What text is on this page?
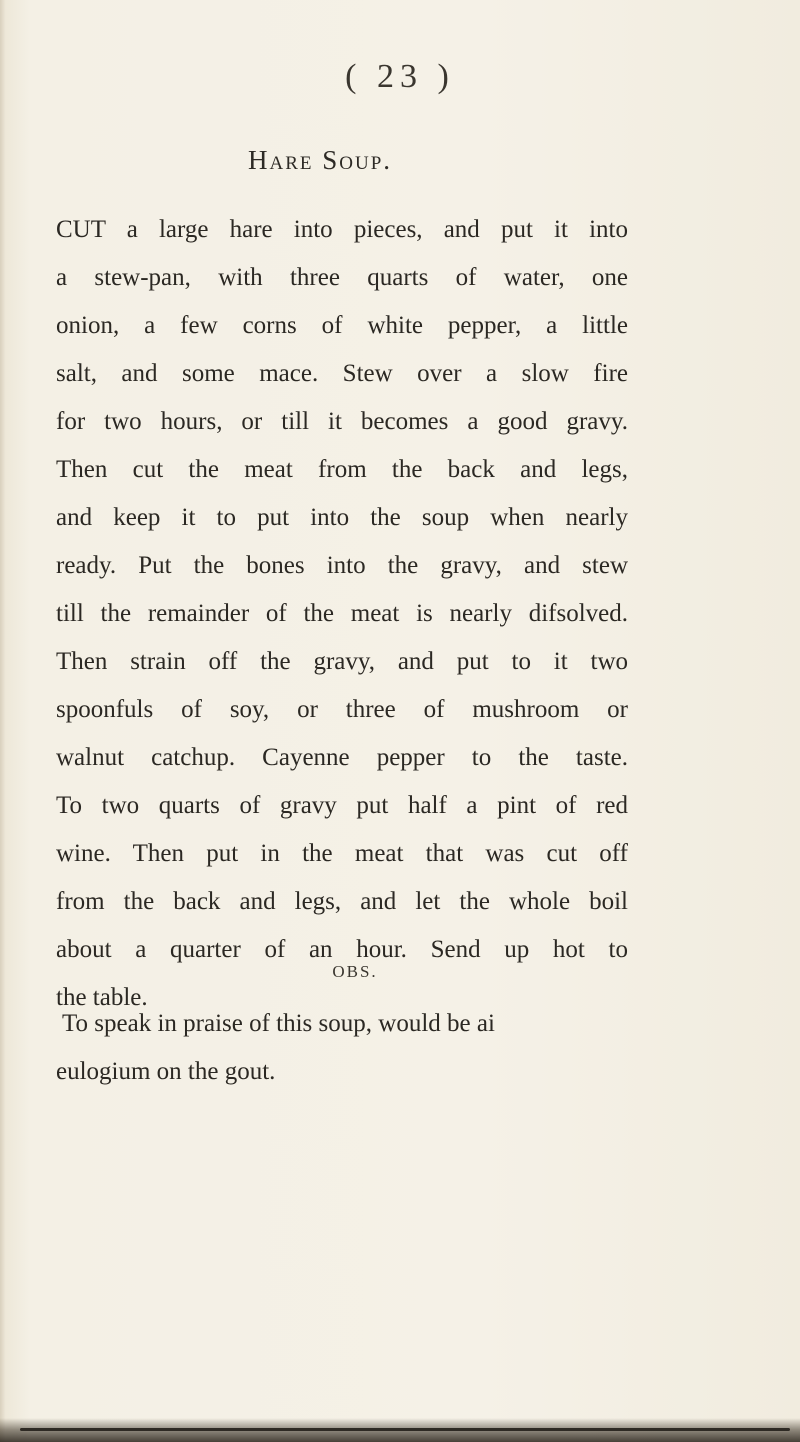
( 23 )
Hare Soup.
CUT a large hare into pieces, and put it into
a stew-pan, with three quarts of water, one
onion, a few corns of white pepper, a little
salt, and some mace. Stew over a slow fire
for two hours, or till it becomes a good gravy.
Then cut the meat from the back and legs,
and keep it to put into the soup when nearly
ready. Put the bones into the gravy, and stew
till the remainder of the meat is nearly difsolved.
Then strain off the gravy, and put to it two
spoonfuls of soy, or three of mushroom or
walnut catchup. Cayenne pepper to the taste.
To two quarts of gravy put half a pint of red
wine. Then put in the meat that was cut off
from the back and legs, and let the whole boil
about a quarter of an hour. Send up hot to
the table.
OBS.
To speak in praise of this soup, would be ai
eulogium on the gout.
